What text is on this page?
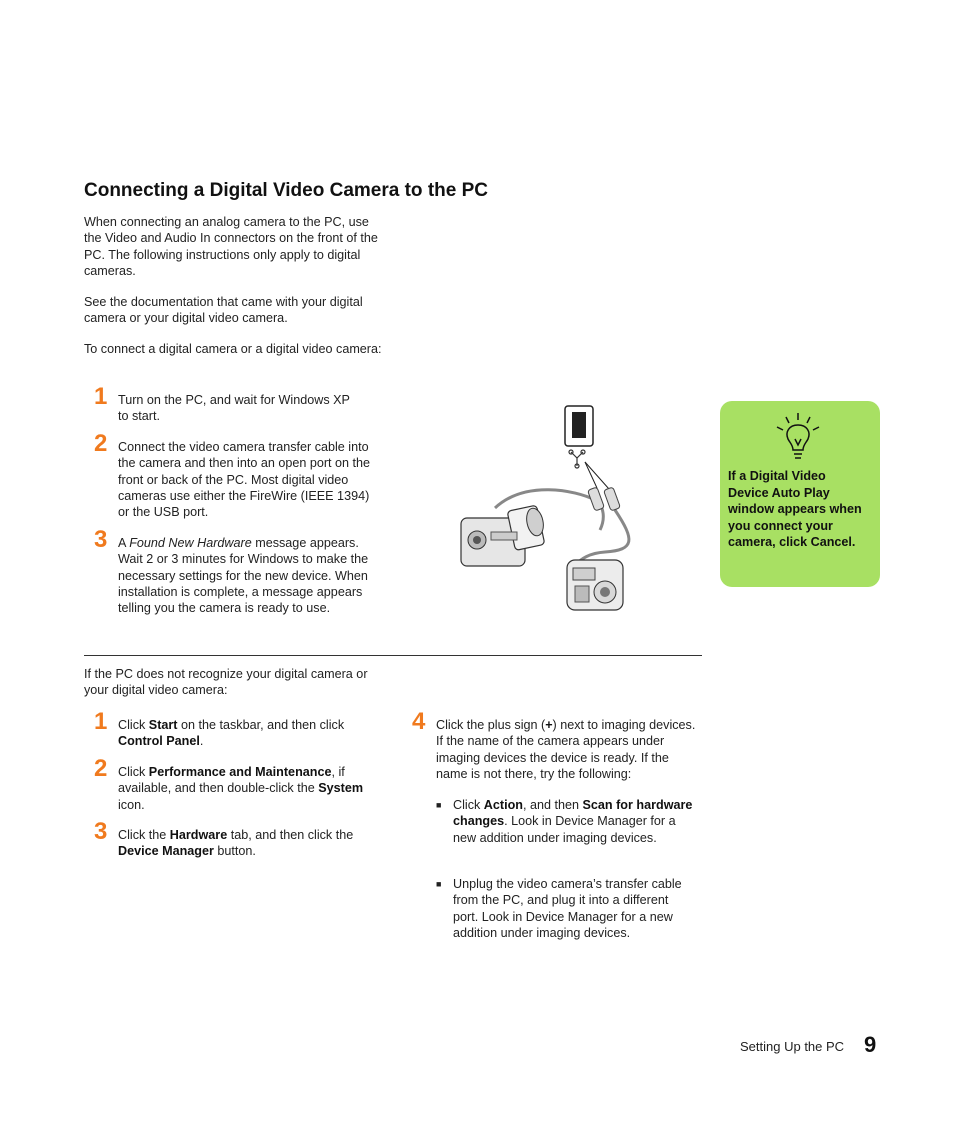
Connecting a Digital Video Camera to the PC

When connecting an analog camera to the PC, use the Video and Audio In connectors on the front of the PC. The following instructions only apply to digital cameras.

See the documentation that came with your digital camera or your digital video camera.

To connect a digital camera or a digital video camera:

1 Turn on the PC, and wait for Windows XP to start.
2 Connect the video camera transfer cable into the camera and then into an open port on the front or back of the PC. Most digital video cameras use either the FireWire (IEEE 1394) or the USB port.
3 A Found New Hardware message appears. Wait 2 or 3 minutes for Windows to make the necessary settings for the new device. When installation is complete, a message appears telling you the camera is ready to use.
If a Digital Video Device Auto Play window appears when you connect your camera, click Cancel.

If the PC does not recognize your digital camera or your digital video camera:

1 Click Start on the taskbar, and then click Control Panel.
2 Click Performance and Maintenance, if available, and then double-click the System icon.
3 Click the Hardware tab, and then click the Device Manager button.
4 Click the plus sign (+) next to imaging devices. If the name of the camera appears under imaging devices the device is ready. If the name is not there, try the following:
■ Click Action, and then Scan for hardware changes. Look in Device Manager for a new addition under imaging devices.
■ Unplug the video camera’s transfer cable from the PC, and plug it into a different port. Look in Device Manager for a new addition under imaging devices.
Setting Up the PC 9
